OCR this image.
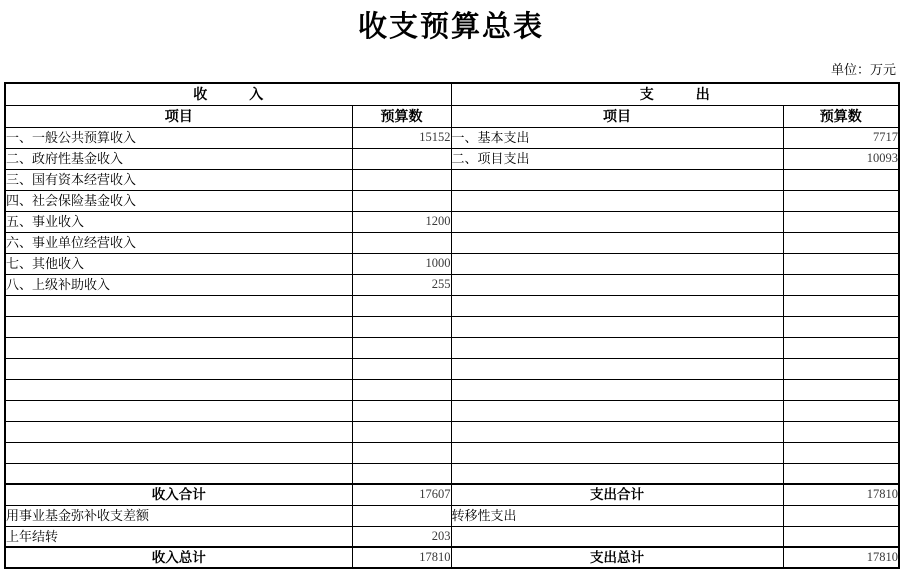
收支预算总表
单位：万元
收　　　入		支　　　出	
项目	预算数	项目	预算数
一、一般公共预算收入	15152	一、基本支出	7717
二、政府性基金收入		二、项目支出	10093
三、国有资本经营收入			
四、社会保险基金收入			
五、事业收入	1200		
六、事业单位经营收入			
七、其他收入	1000		
八、上级补助收入	255		

收入合计	17607	支出合计	17810
用事业基金弥补收支差额		转移性支出	
上年结转	203		
收入总计	17810	支出总计	17810
